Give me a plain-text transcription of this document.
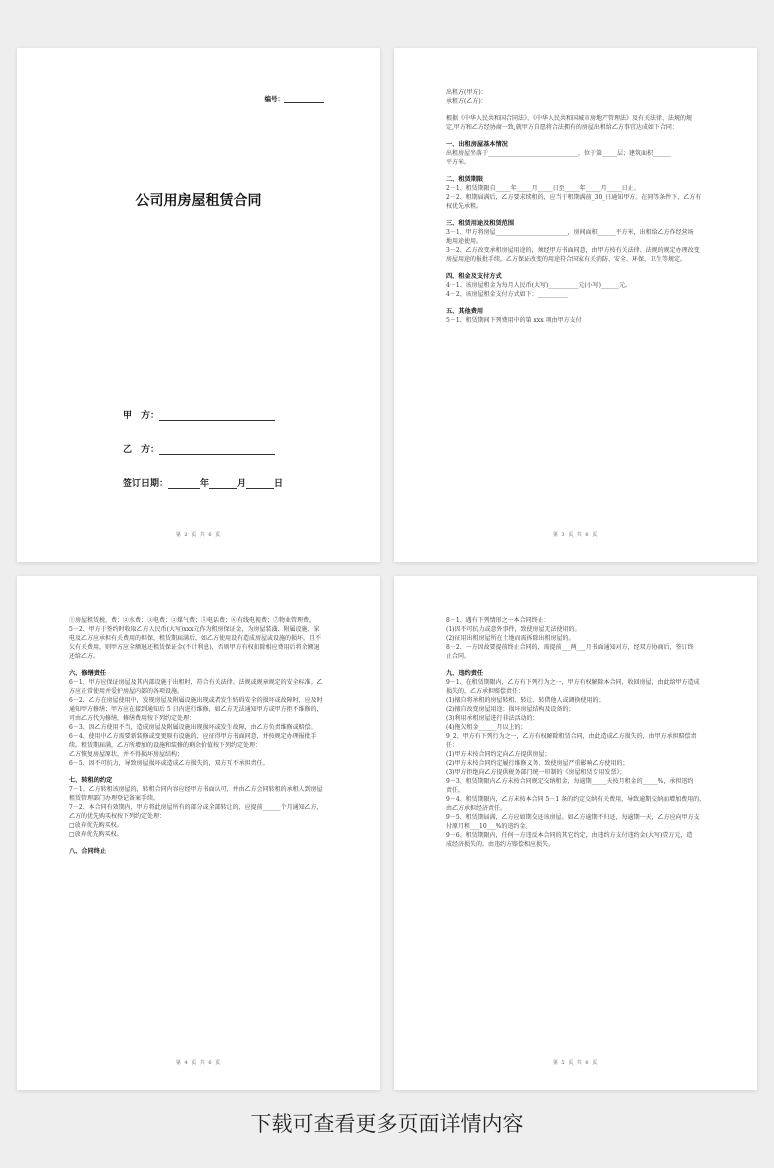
编号：
公司用房屋租赁合同
甲　方：
乙　方：
签订日期：	年	月	日
第 2 页 共 6 页
出租方(甲方)：
承租方(乙方)：
根据《中华人民共和国合同法》、《中华人民共和国城市房地产管理法》及有关法律、法规的规
定,甲方和乙方经协商一致,就甲方自愿将合法拥有的房屋出租给乙方事宜达成如下合同：
一、出租房屋基本情况
出租房屋坐落于______________________________，位于第_____层；建筑面积______
平方米。
二、租赁期限
2－1、租赁期限自_____年_____月_____日至_____年_____月_____日止。
2－2、租期届满后，乙方要求续租的，应当于租期满前_30_日通知甲方。在同等条件下，乙方有
权优先承租。
三、租赁用途及租赁范围
3－1、甲方将房屋________________________，房间面积______平方米，出租给乙方作经营场
地用途使用。
3－2、乙方改变承租房屋用途的，须经甲方书面同意，由甲方按有关法律、法规的规定办理改变
房屋用途的报批手续。乙方保证改变的用途符合国家有关消防、安全、环保、卫生等规定。
四、租金及支付方式
4－1、该房屋租金为每月人民币(大写)__________元(小写)______元。
4－2、该房屋租金支付方式如下：__________
五、其他费用
5－1、租赁期间下列费用中的第 xxx 项由甲方支付
第 3 页 共 6 页
①房屋租赁税、费；②水费；③电费；④煤气费；⑤电话费；⑥有线电视费；⑦物业管理费。
5－2、甲方于签约时收取乙方人民币(大写)xxx元作为租房保证金，为房屋装潢、附属设施、家
电及乙方应承担有关费用的担保，租赁期届满后，如乙方使用设有造成房屋或设施的损坏，且不
欠有关费用，则甲方应全额退还租赁保证金(不计利息)，否则甲方有权扣除相应费用后将余额退
还给乙方。
六、修缮责任
6－1、甲方应保证房屋及其内部设施于出租时，符合有关法律、法规或规章规定的安全标准。乙
方应正常使用并爱护房屋内部的各项设施。
6－2、乙方在房屋使用中，发现房屋及附属设施出现或者发生妨碍安全的损坏或故障时，应及时
通知甲方修缮；甲方应在接到通知后 5 日内进行维修，如乙方无法通知甲方或甲方拒不维修的，
可由乙方代为修缮，修缮费用按下列约定处理：
6－3、因乙方使用不当，造成房屋及附属设施出现损坏或发生故障，由乙方负责维修或赔偿。
6－4、使用中乙方需要新装修或变更原有设施的，应征得甲方书面同意，并按规定办理报批手
续。租赁期届满，乙方所增加的设施和装修的剩余价值按下列约定处理：
乙方恢复房屋原状，并不得损坏房屋结构；
6－5、因不可抗力，导致房屋损坏或造成乙方损失的，双方互不承担责任。
七、转租的约定
7－1、乙方转租该房屋的，转租合同内容应经甲方书面认可，并由乙方会同转租的承租人到房屋
租赁管理部门办理登记备案手续。
7－2、本合同有效期内，甲方将此房屋所有的部分或全部转让的，应提前______个月通知乙方，
乙方的优先购买权按下列约定处理：
□放弃优先购买权。
□放弃优先购买权。
八、合同终止
第 4 页 共 6 页
8－1、遇有下列情形之一本合同终止：
(1)因不可抗力或意外事件，致使房屋无法使用的。
(2)征用出租房屋所在土地而需拆除出租房屋的。
8－2、一方因故要提前终止合同的，需提前___两___月书面通知对方，经双方协商后，签订终
止合同。
九、违约责任
9－1、在租赁期限内，乙方有下列行为之一，甲方有权解除本合同，收回房屋，由此给甲方造成
损失的，乙方承担赔偿责任：
(1)擅自将承租的房屋转租、转让、转借他人或调换使用的；
(2)擅自改变房屋用途；损坏房屋结构及设备的；
(3)利用承租房屋进行非法活动的；
(4)拖欠租金______月以上的；
9_2、甲方有下列行为之一，乙方有权解除租赁合同，由此造成乙方损失的，由甲方承担赔偿责
任：
(1)甲方未按合同约定向乙方提供房屋；
(2)甲方未按合同约定履行维修义务，致使房屋严重影响乙方使用的；
(3)甲方拒绝向乙方提供税务部门统一印制的《房屋租赁专用发票》；
9－3、租赁期限内乙方未按合同规定交纳租金，每逾期_____天按月租金的_____%，承担违约
责任。
9－4、租赁期限内，乙方未按本合同 5－1 条的约定交纳有关费用，导致逾期交纳而增加费用的，
由乙方承担经济责任。
9－5、租赁期届满，乙方应如期交还该房屋。如乙方逾期不归还，每逾期一天，乙方应向甲方支
付原月租___10___%的违约金。
9－6、租赁期限内，任何一方违反本合同的其它约定，由违约方支付违约金(大写)壹万元，造
成经济损失的，由违约方赔偿相应损失。
第 5 页 共 6 页
下载可查看更多页面详情内容
